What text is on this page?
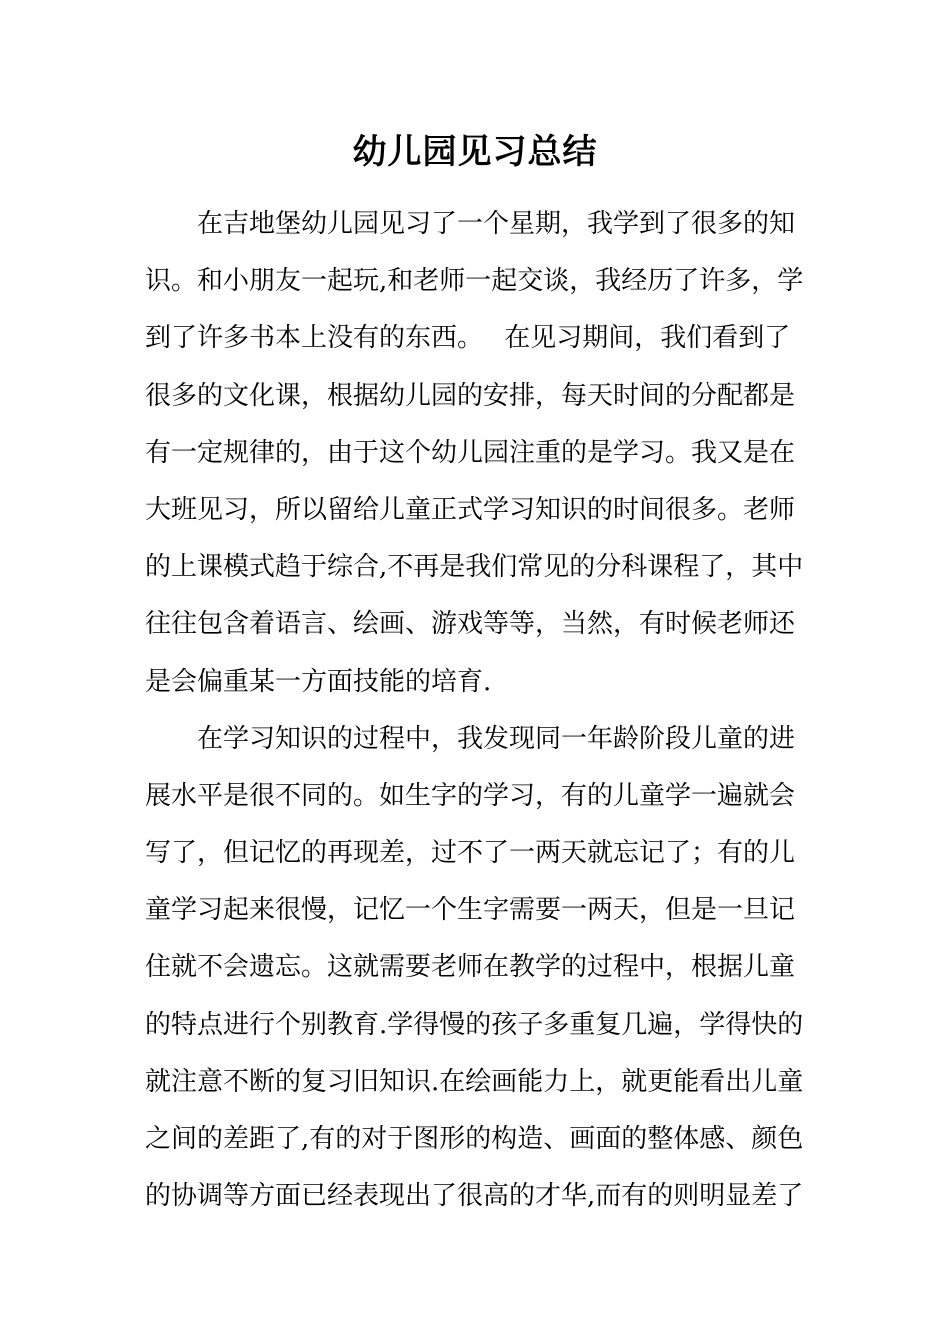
幼儿园见习总结
在吉地堡幼儿园见习了一个星期，我学到了很多的知
识。和小朋友一起玩,和老师一起交谈，我经历了许多，学
到了许多书本上没有的东西。　 在见习期间，我们看到了
很多的文化课，根据幼儿园的安排，每天时间的分配都是
有一定规律的，由于这个幼儿园注重的是学习。我又是在
大班见习，所以留给儿童正式学习知识的时间很多。老师
的上课模式趋于综合,不再是我们常见的分科课程了，其中
往往包含着语言、绘画、游戏等等，当然，有时候老师还
是会偏重某一方面技能的培育.
在学习知识的过程中，我发现同一年龄阶段儿童的进
展水平是很不同的。如生字的学习，有的儿童学一遍就会
写了，但记忆的再现差，过不了一两天就忘记了；有的儿
童学习起来很慢，记忆一个生字需要一两天，但是一旦记
住就不会遗忘。这就需要老师在教学的过程中，根据儿童
的特点进行个别教育.学得慢的孩子多重复几遍，学得快的
就注意不断的复习旧知识.在绘画能力上，就更能看出儿童
之间的差距了,有的对于图形的构造、画面的整体感、颜色
的协调等方面已经表现出了很高的才华,而有的则明显差了
